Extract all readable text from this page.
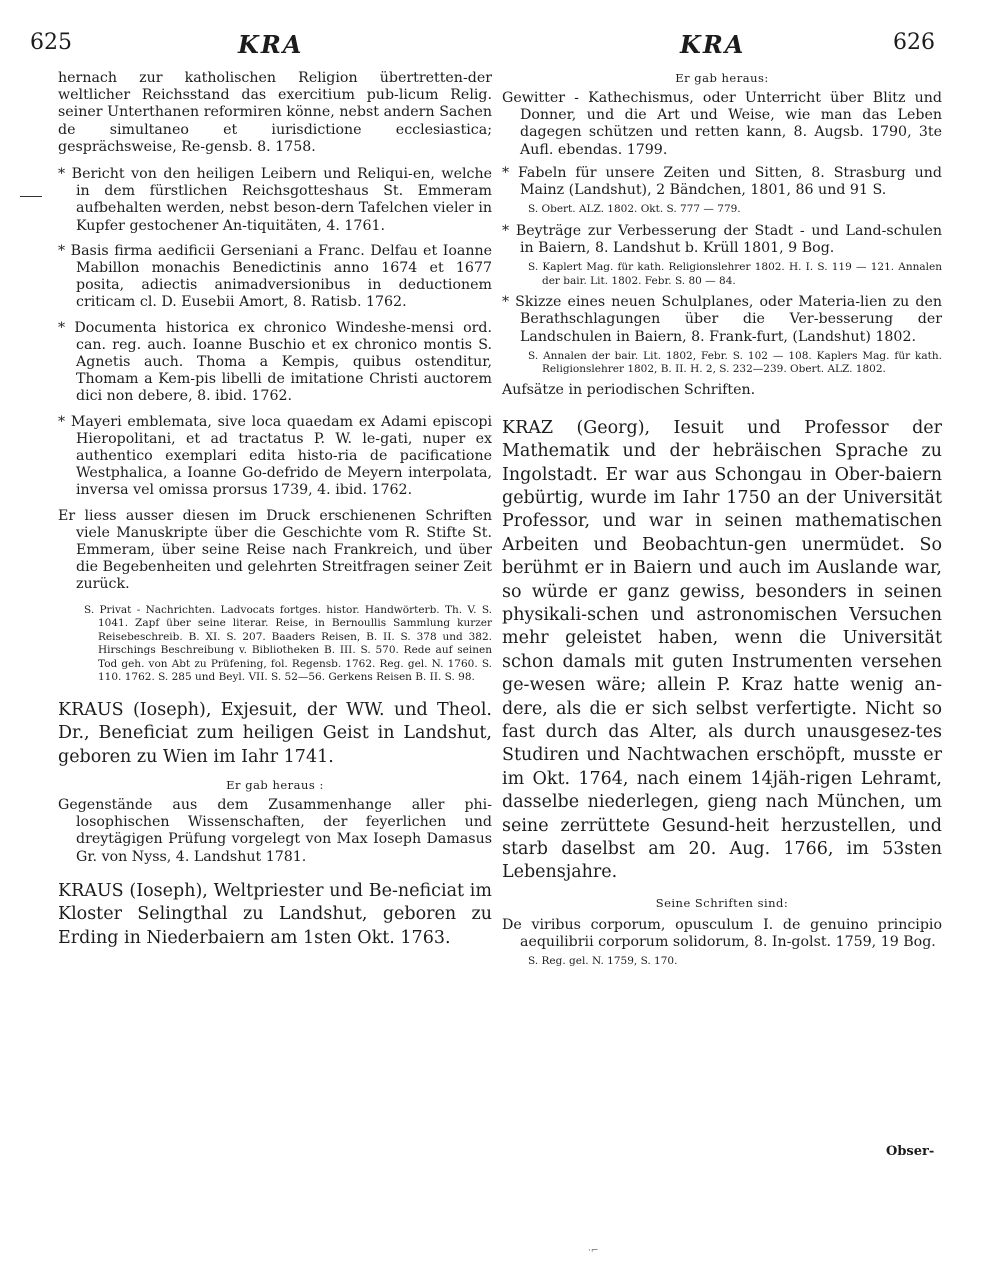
625	KRA	KRA	626

hernach zur katholischen Religion übertretten-der weltlicher Reichsstand das exercitium pub-licum Relig. seiner Unterthanen reformiren könne, nebst andern Sachen de simultaneo et iurisdictione ecclesiastica; gesprächsweise, Re-gensb. 8. 1758.

* Bericht von den heiligen Leibern und Reliqui-en, welche in dem fürstlichen Reichsgotteshaus St. Emmeram aufbehalten werden, nebst beson-dern Tafelchen vieler in Kupfer gestochener An-tiquitäten, 4. 1761.

* Basis firma aedificii Gerseniani a Franc. Delfau et Ioanne Mabillon monachis Benedictinis anno 1674 et 1677 posita, adiectis animadversionibus in deductionem criticam cl. D. Eusebii Amort, 8. Ratisb. 1762.

* Documenta historica ex chronico Windeshe-mensi ord. can. reg. auch. Ioanne Buschio et ex chronico montis S. Agnetis auch. Thoma a Kempis, quibus ostenditur, Thomam a Kem-pis libelli de imitatione Christi auctorem dici non debere, 8. ibid. 1762.

* Mayeri emblemata, sive loca quaedam ex Adami episcopi Hieropolitani, et ad tractatus P. W. le-gati, nuper ex authentico exemplari edita histo-ria de pacificatione Westphalica, a Ioanne Go-defrido de Meyern interpolata, inversa vel omissa prorsus 1739, 4. ibid. 1762.

Er liess ausser diesen im Druck erschienenen Schriften viele Manuskripte über die Geschichte vom R. Stifte St. Emmeram, über seine Reise nach Frankreich, und über die Begebenheiten und gelehrten Streitfragen seiner Zeit zurück.

S. Privat - Nachrichten. Ladvocats fortges. histor. Handwörterb. Th. V. S. 1041. Zapf über seine literar. Reise, in Bernoullis Sammlung kurzer Reisebeschreib. B. XI. S. 207. Baaders Reisen, B. II. S. 378 und 382. Hirschings Beschreibung v. Bibliotheken B. III. S. 570. Rede auf seinen Tod geh. von Abt zu Prüfening, fol. Regensb. 1762. Reg. gel. N. 1760. S. 110. 1762. S. 285 und Beyl. VII. S. 52—56. Gerkens Reisen B. II. S. 98.

KRAUS (Ioseph), Exjesuit, der WW. und Theol. Dr., Beneficiat zum heiligen Geist in Landshut, geboren zu Wien im Iahr 1741.

Er gab heraus :

Gegenstände aus dem Zusammenhange aller phi-losophischen Wissenschaften, der feyerlichen und dreytägigen Prüfung vorgelegt von Max Ioseph Damasus Gr. von Nyss, 4. Landshut 1781.

KRAUS (Ioseph), Weltpriester und Be-neficiat im Kloster Selingthal zu Landshut, geboren zu Erding in Niederbaiern am 1sten Okt. 1763.

Er gab heraus:

Gewitter - Kathechismus, oder Unterricht über Blitz und Donner, und die Art und Weise, wie man das Leben dagegen schützen und retten kann, 8. Augsb. 1790, 3te Aufl. ebendas. 1799.

* Fabeln für unsere Zeiten und Sitten, 8. Strasburg und Mainz (Landshut), 2 Bändchen, 1801, 86 und 91 S.

S. Obert. ALZ. 1802. Okt. S. 777 — 779.

* Beyträge zur Verbesserung der Stadt - und Land-schulen in Baiern, 8. Landshut b. Krüll 1801, 9 Bog.

S. Kaplert Mag. für kath. Religionslehrer 1802. H. I. S. 119 — 121. Annalen der bair. Lit. 1802. Febr. S. 80 — 84.

* Skizze eines neuen Schulplanes, oder Materia-lien zu den Berathschlagungen über die Ver-besserung der Landschulen in Baiern, 8. Frank-furt, (Landshut) 1802.

S. Annalen der bair. Lit. 1802, Febr. S. 102 — 108. Kaplers Mag. für kath. Religionslehrer 1802, B. II. H. 2, S. 232—239. Obert. ALZ. 1802.

Aufsätze in periodischen Schriften.

KRAZ (Georg), Iesuit und Professor der Mathematik und der hebräischen Sprache zu Ingolstadt. Er war aus Schongau in Ober-baiern gebürtig, wurde im Iahr 1750 an der Universität Professor, und war in seinen mathematischen Arbeiten und Beobachtun-gen unermüdet. So berühmt er in Baiern und auch im Auslande war, so würde er ganz gewiss, besonders in seinen physikali-schen und astronomischen Versuchen mehr geleistet haben, wenn die Universität schon damals mit guten Instrumenten versehen ge-wesen wäre; allein P. Kraz hatte wenig an-dere, als die er sich selbst verfertigte. Nicht so fast durch das Alter, als durch unausgesez-tes Studiren und Nachtwachen erschöpft, musste er im Okt. 1764, nach einem 14jäh-rigen Lehramt, dasselbe niederlegen, gieng nach München, um seine zerrüttete Gesund-heit herzustellen, und starb daselbst am 20. Aug. 1766, im 53sten Lebensjahre.

Seine Schriften sind:

De viribus corporum, opusculum I. de genuino principio aequilibrii corporum solidorum, 8. In-golst. 1759, 19 Bog.

S. Reg. gel. N. 1759, S. 170.

Obser-
·⌐
